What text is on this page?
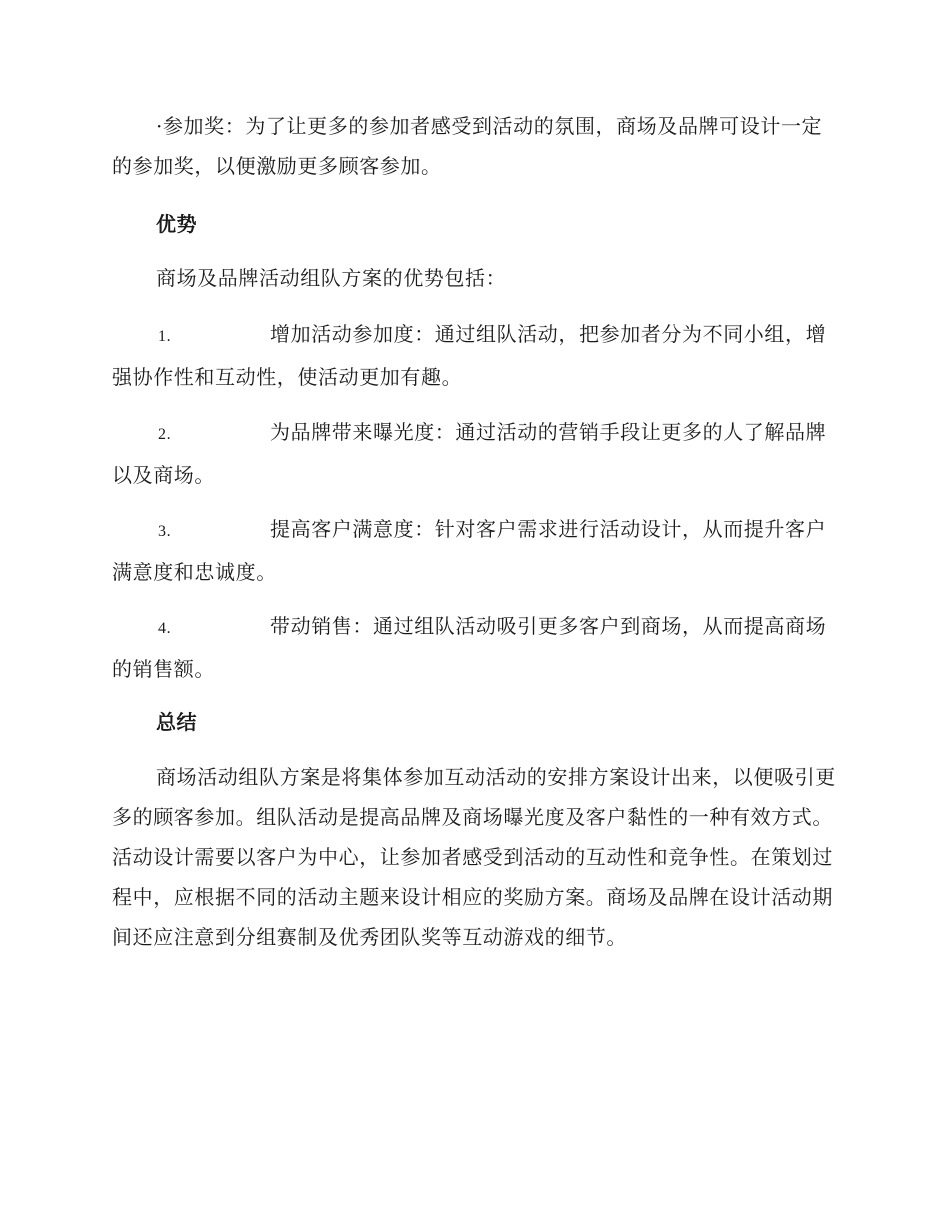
·参加奖：为了让更多的参加者感受到活动的氛围，商场及品牌可设计一定的参加奖，以便激励更多顾客参加。

优势

商场及品牌活动组队方案的优势包括：

1.	增加活动参加度：通过组队活动，把参加者分为不同小组，增强协作性和互动性，使活动更加有趣。
2.	为品牌带来曝光度：通过活动的营销手段让更多的人了解品牌以及商场。
3.	提高客户满意度：针对客户需求进行活动设计，从而提升客户满意度和忠诚度。
4.	带动销售：通过组队活动吸引更多客户到商场，从而提高商场的销售额。
总结

商场活动组队方案是将集体参加互动活动的安排方案设计出来，以便吸引更多的顾客参加。组队活动是提高品牌及商场曝光度及客户黏性的一种有效方式。活动设计需要以客户为中心，让参加者感受到活动的互动性和竞争性。在策划过程中，应根据不同的活动主题来设计相应的奖励方案。商场及品牌在设计活动期间还应注意到分组赛制及优秀团队奖等互动游戏的细节。
